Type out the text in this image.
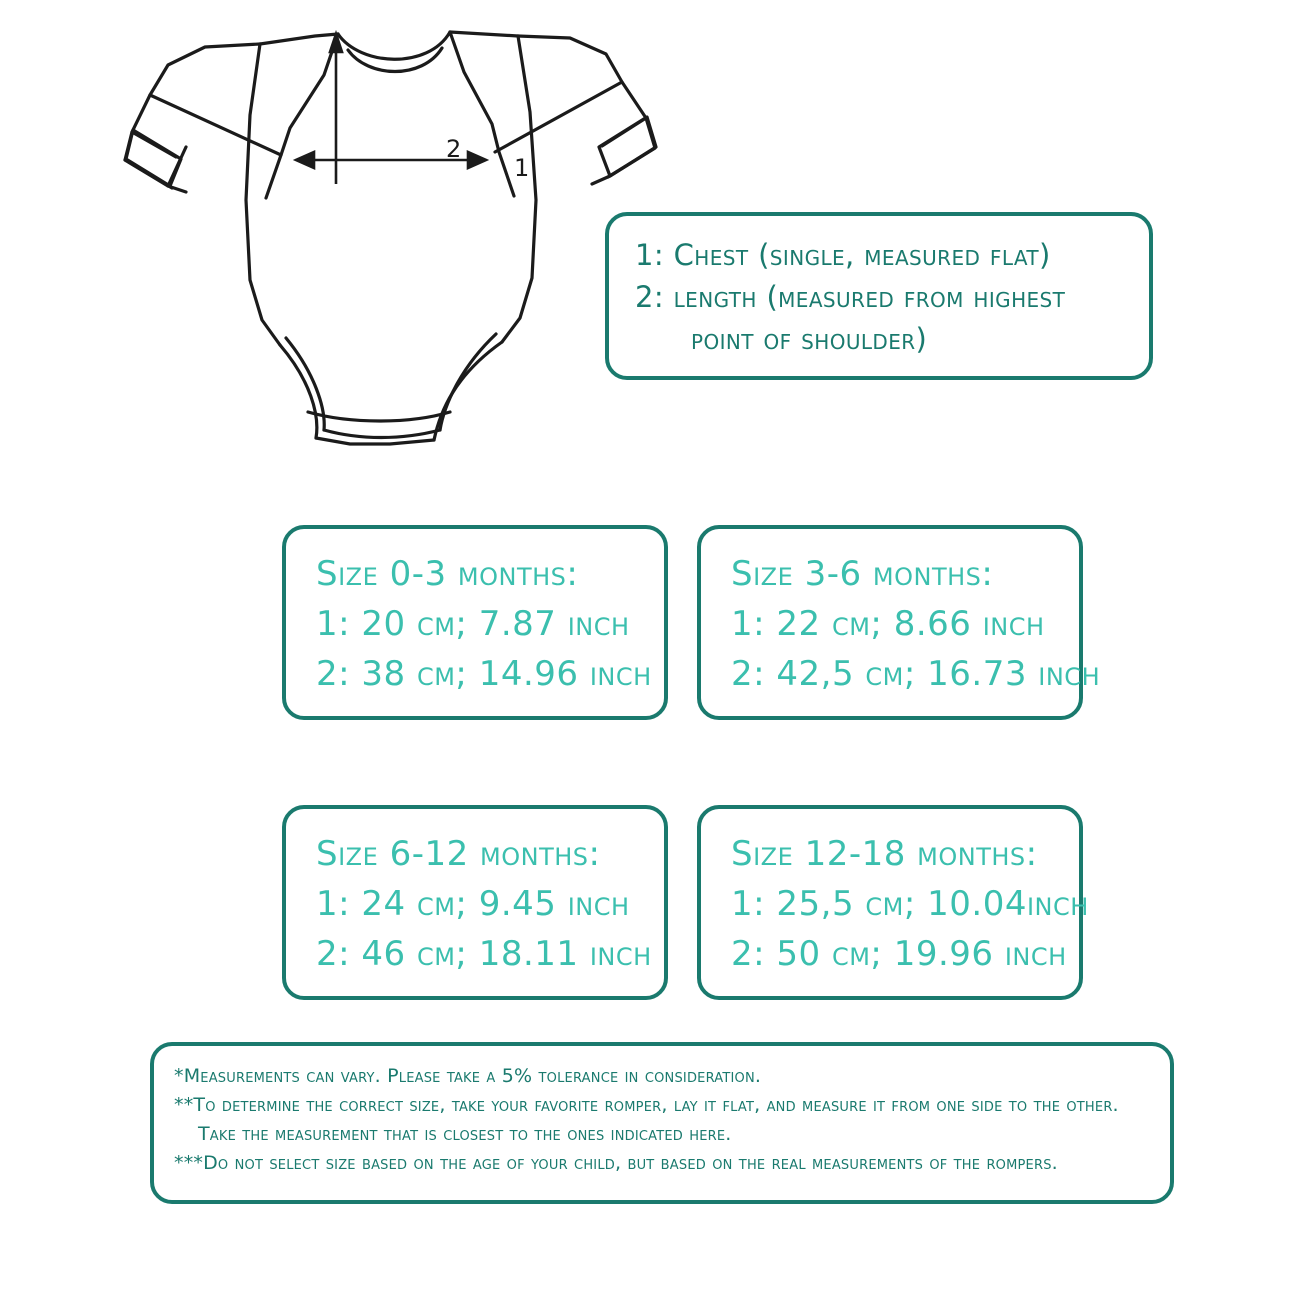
2
1
1: Chest (single, measured flat)
2: length (measured from highest
point of shoulder)
Size 0-3 months:
1: 20 cm; 7.87 inch
2: 38 cm; 14.96 inch
Size 3-6 months:
1: 22 cm; 8.66 inch
2: 42,5 cm; 16.73 inch
Size 6-12 months:
1: 24 cm; 9.45 inch
2: 46 cm; 18.11 inch
Size 12-18 months:
1: 25,5 cm; 10.04inch
2: 50 cm; 19.96 inch
*Measurements can vary. Please take a 5% tolerance in consideration.
**To determine the correct size, take your favorite romper, lay it flat, and measure it from one side to the other.
Take the measurement that is closest to the ones indicated here.
***Do not select size based on the age of your child, but based on the real measurements of the rompers.
